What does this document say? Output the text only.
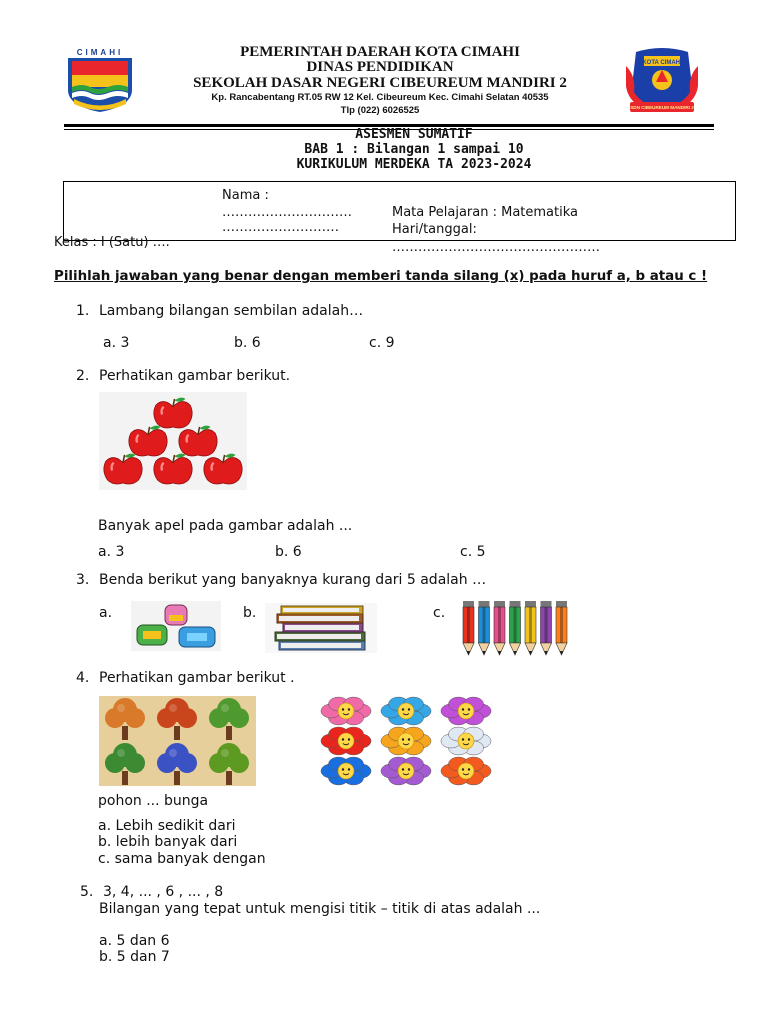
CIMAHI
KOTA CIMAHI
SDN CIBEUREUM MANDIRI 2
PEMERINTAH DAERAH KOTA CIMAHI
DINAS PENDIDIKAN
SEKOLAH DASAR NEGERI CIBEUREUM MANDIRI 2
Kp. Rancabentang RT.05 RW 12 Kel. Cibeureum Kec. Cimahi Selatan 40535
Tlp (022) 6026525
ASESMEN SUMATIF
BAB 1 : Bilangan 1 sampai 10
KURIKULUM MERDEKA TA 2023-2024
Nama :
…………………………
………………………
Kelas : I (Satu) ….
Mata Pelajaran : Matematika
Hari/tanggal:
…………………………………………
Pilihlah jawaban yang benar dengan memberi tanda silang (x) pada huruf a, b atau c !
1. Lambang bilangan sembilan adalah…
a. 3	b. 6	c. 9
2. Perhatikan gambar berikut.
Banyak apel pada gambar adalah ...
a. 3	b. 6	c. 5
3. Benda berikut yang banyaknya kurang dari 5 adalah …
a.	b.	c.
4. Perhatikan gambar berikut .
pohon ... bunga
a. Lebih sedikit dari
b. lebih banyak dari
c. sama banyak dengan
5. 3, 4, ... , 6 , ... , 8
Bilangan yang tepat untuk mengisi titik – titik di atas adalah ...
a. 5 dan 6
b. 5 dan 7
